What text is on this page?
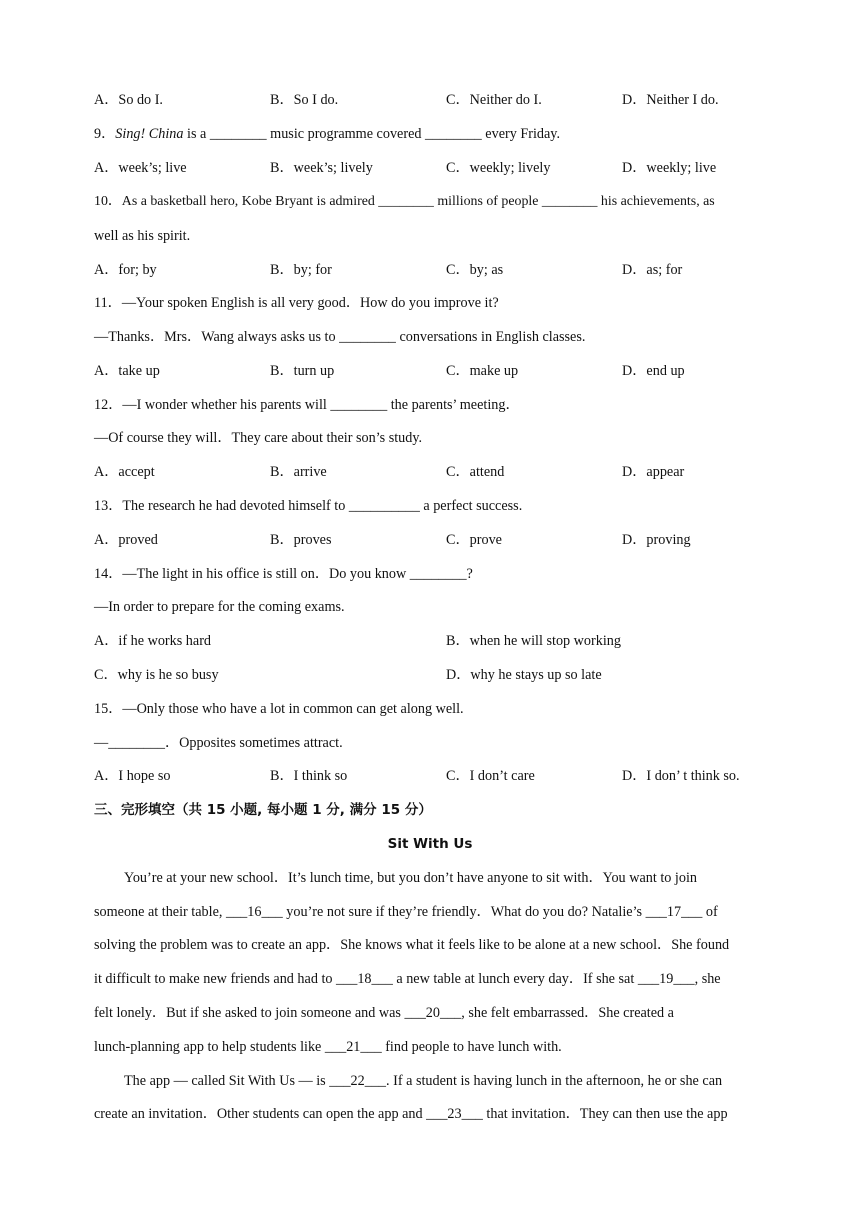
A．So do I.	B．So I do.	C．Neither do I.	D．Neither I do.
9．Sing! China is a ________ music programme covered ________ every Friday.
A．week’s; live	B．week’s; lively	C．weekly; lively	D．weekly; live
10．As a basketball hero, Kobe Bryant is admired ________ millions of people ________ his achievements, as
well as his spirit.
A．for; by	B．by; for	C．by; as	D．as; for
11．—Your spoken English is all very good．How do you improve it?
—Thanks．Mrs．Wang always asks us to ________ conversations in English classes.
A．take up	B．turn up	C．make up	D．end up
12．—I wonder whether his parents will ________ the parents’ meeting．
—Of course they will．They care about their son’s study.
A．accept	B．arrive	C．attend	D．appear
13．The research he had devoted himself to __________ a perfect success.
A．proved	B．proves	C．prove	D．proving
14．—The light in his office is still on．Do you know ________?
—In order to prepare for the coming exams.
A．if he works hard	B．when he will stop working
C．why is he so busy	D．why he stays up so late
15．—Only those who have a lot in common can get along well.
—________．Opposites sometimes attract.
A．I hope so	B．I think so	C．I don’t care	D．I don’ t think so.
三、完形填空（共 15 小题, 每小题 1 分, 满分 15 分）
Sit With Us
You’re at your new school．It’s lunch time, but you don’t have anyone to sit with．You want to join
someone at their table, ___16___ you’re not sure if they’re friendly．What do you do? Natalie’s ___17___ of
solving the problem was to create an app．She knows what it feels like to be alone at a new school．She found
it difficult to make new friends and had to ___18___ a new table at lunch every day．If she sat ___19___, she
felt lonely．But if she asked to join someone and was ___20___, she felt embarrassed．She created a
lunch-planning app to help students like ___21___ find people to have lunch with.
The app — called Sit With Us — is ___22___. If a student is having lunch in the afternoon, he or she can
create an invitation．Other students can open the app and ___23___ that invitation．They can then use the app
